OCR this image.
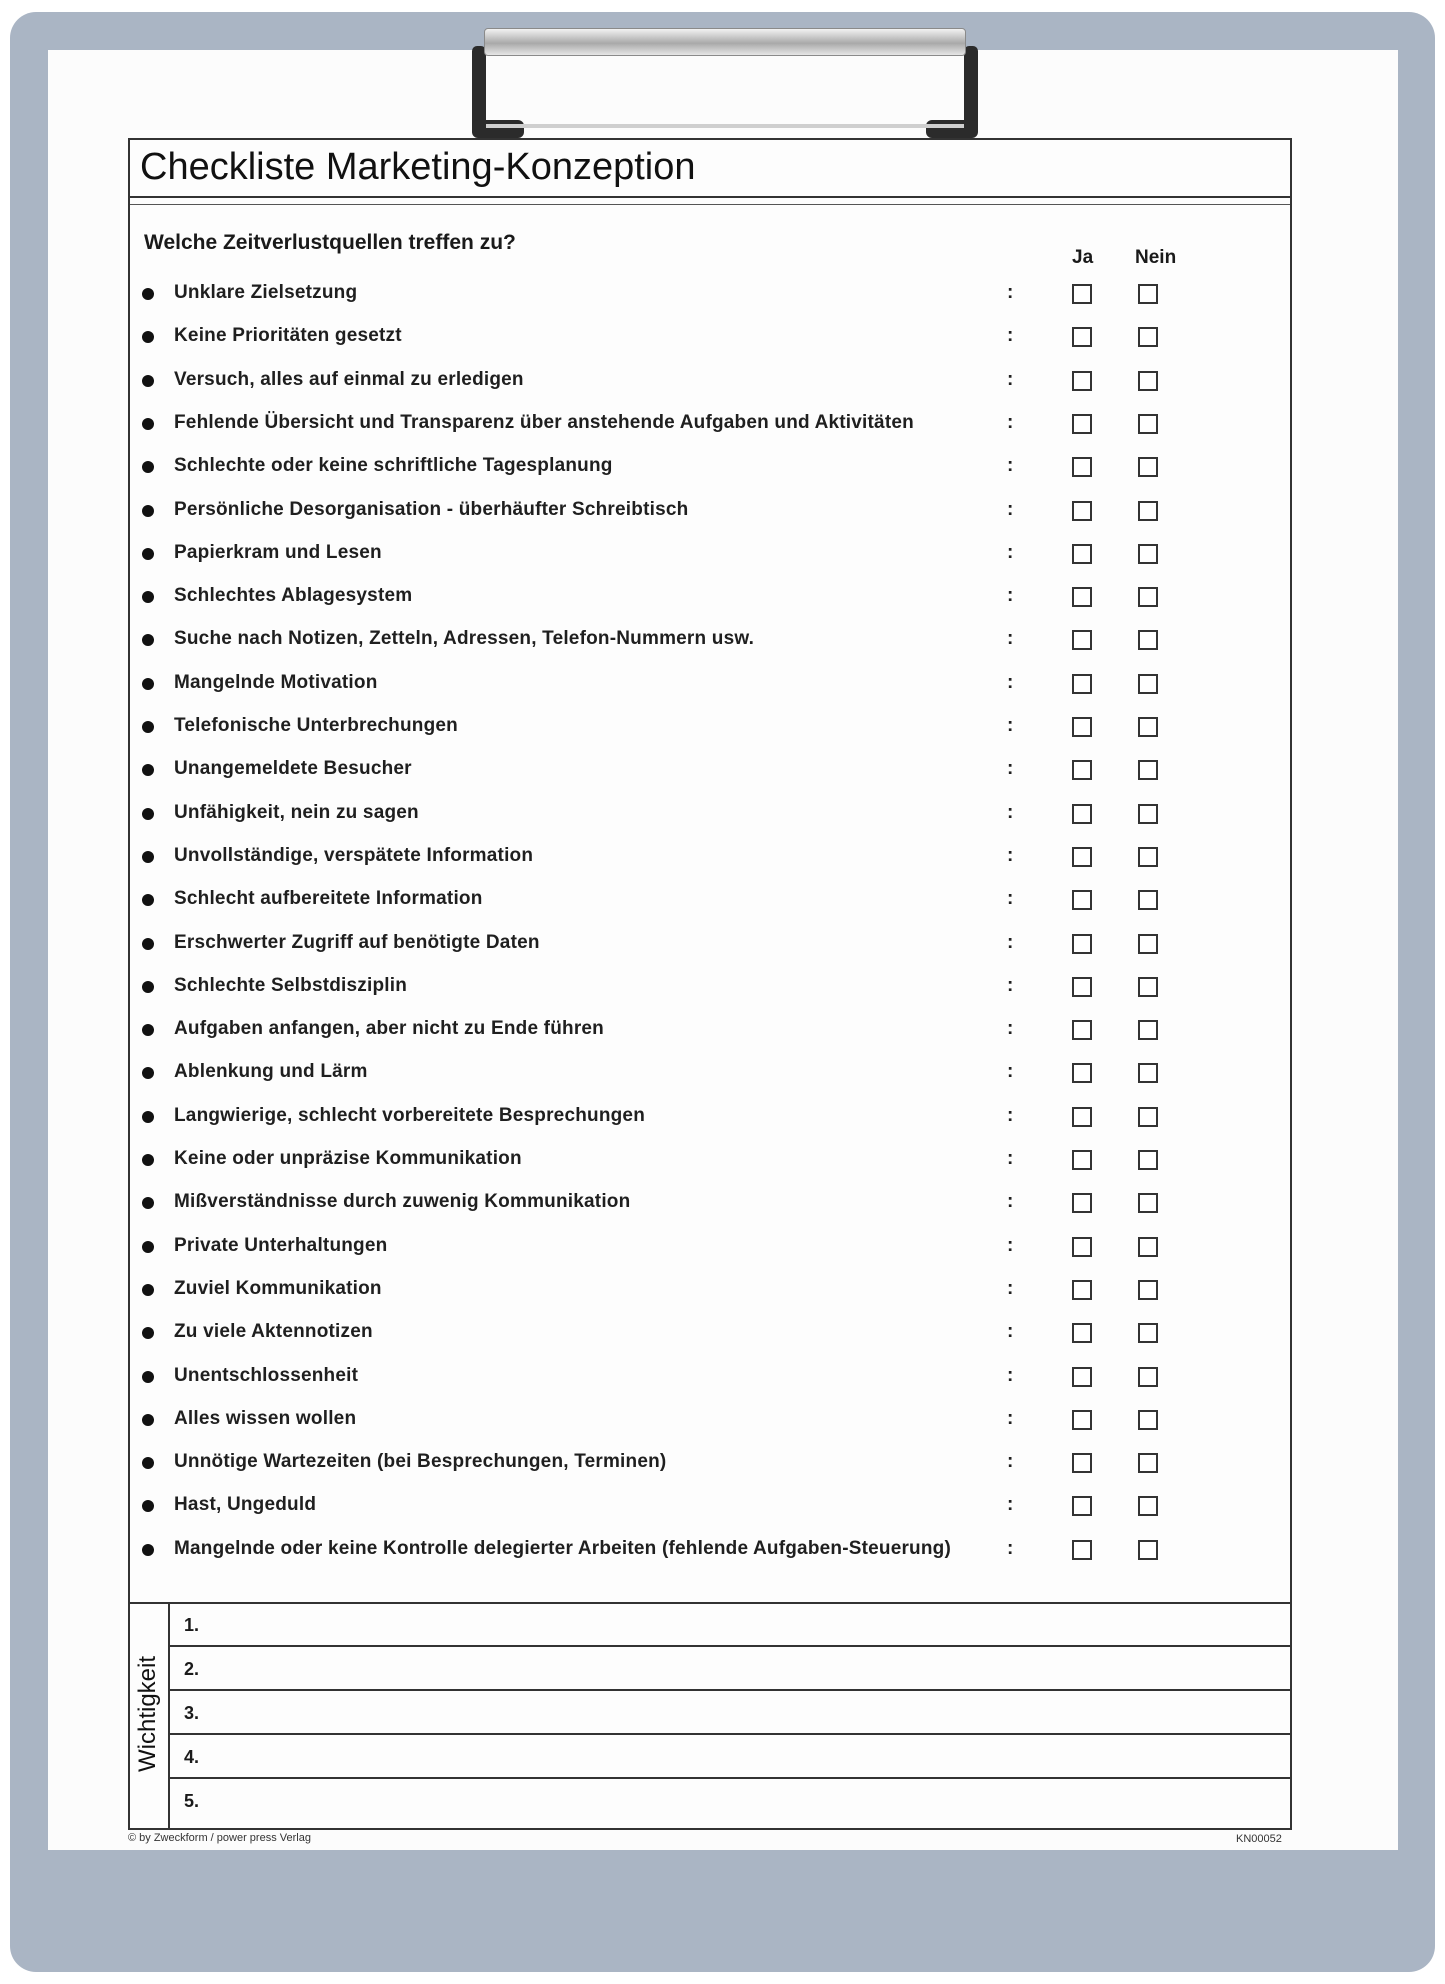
Checkliste Marketing-Konzeption
Welche Zeitverlustquellen treffen zu?
Ja Nein
Unklare Zielsetzung	:
Keine Prioritäten gesetzt	:
Versuch, alles auf einmal zu erledigen	:
Fehlende Übersicht und Transparenz über anstehende Aufgaben und Aktivitäten	:
Schlechte oder keine schriftliche Tagesplanung	:
Persönliche Desorganisation - überhäufter Schreibtisch	:
Papierkram und Lesen	:
Schlechtes Ablagesystem	:
Suche nach Notizen, Zetteln, Adressen, Telefon-Nummern usw.	:
Mangelnde Motivation	:
Telefonische Unterbrechungen	:
Unangemeldete Besucher	:
Unfähigkeit, nein zu sagen	:
Unvollständige, verspätete Information	:
Schlecht aufbereitete Information	:
Erschwerter Zugriff auf benötigte Daten	:
Schlechte Selbstdisziplin	:
Aufgaben anfangen, aber nicht zu Ende führen	:
Ablenkung und Lärm	:
Langwierige, schlecht vorbereitete Besprechungen	:
Keine oder unpräzise Kommunikation	:
Mißverständnisse durch zuwenig Kommunikation	:
Private Unterhaltungen	:
Zuviel Kommunikation	:
Zu viele Aktennotizen	:
Unentschlossenheit	:
Alles wissen wollen	:
Unnötige Wartezeiten (bei Besprechungen, Terminen)	:
Hast, Ungeduld	:
Mangelnde oder keine Kontrolle delegierter Arbeiten (fehlende Aufgaben-Steuerung)	:
Wichtigkeit
1.
2.
3.
4.
5.
© by Zweckform / power press Verlag	KN00052
